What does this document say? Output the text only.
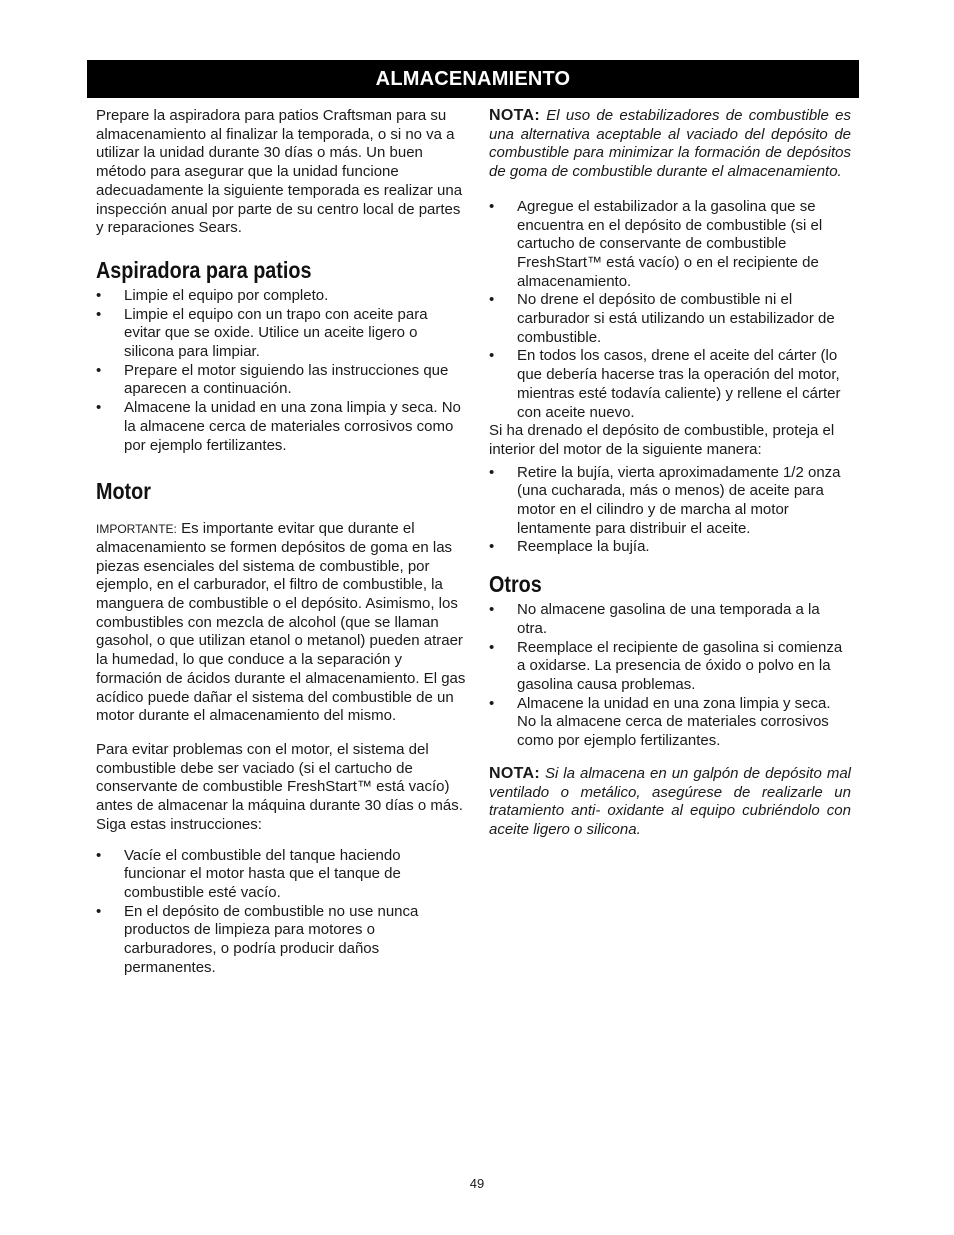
ALMACENAMIENTO

Prepare la aspiradora para patios Craftsman para su almacenamiento al finalizar la temporada, o si no va a utilizar la unidad durante 30 días o más. Un buen método para asegurar que la unidad funcione adecuadamente la siguiente temporada es realizar una inspección anual por parte de su centro local de partes y reparaciones Sears.

Aspiradora para patios
• Limpie el equipo por completo.
• Limpie el equipo con un trapo con aceite para evitar que se oxide. Utilice un aceite ligero o silicona para limpiar.
• Prepare el motor siguiendo las instrucciones que aparecen a continuación.
• Almacene la unidad en una zona limpia y seca. No la almacene cerca de materiales corrosivos como por ejemplo fertilizantes.
Motor

IMPORTANTE: Es importante evitar que durante el almacenamiento se formen depósitos de goma en las piezas esenciales del sistema de combustible, por ejemplo, en el carburador, el filtro de combustible, la manguera de combustible o el depósito. Asimismo, los combustibles con mezcla de alcohol (que se llaman gasohol, o que utilizan etanol o metanol) pueden atraer la humedad, lo que conduce a la separación y formación de ácidos durante el almacenamiento. El gas acídico puede dañar el sistema del combustible de un motor durante el almacenamiento del mismo.

Para evitar problemas con el motor, el sistema del combustible debe ser vaciado (si el cartucho de conservante de combustible FreshStart™ está vacío) antes de almacenar la máquina durante 30 días o más. Siga estas instrucciones:

• Vacíe el combustible del tanque haciendo funcionar el motor hasta que el tanque de combustible esté vacío.
• En el depósito de combustible no use nunca productos de limpieza para motores o carburadores, o podría producir daños permanentes.

NOTA: El uso de estabilizadores de combustible es una alternativa aceptable al vaciado del depósito de combustible para minimizar la formación de depósitos de goma de combustible durante el almacenamiento.

• Agregue el estabilizador a la gasolina que se encuentra en el depósito de combustible (si el cartucho de conservante de combustible FreshStart™ está vacío) o en el recipiente de almacenamiento.
• No drene el depósito de combustible ni el carburador si está utilizando un estabilizador de combustible.
• En todos los casos, drene el aceite del cárter (lo que debería hacerse tras la operación del motor, mientras esté todavía caliente) y rellene el cárter con aceite nuevo.

Si ha drenado el depósito de combustible, proteja el interior del motor de la siguiente manera:

• Retire la bujía, vierta aproximadamente 1/2 onza (una cucharada, más o menos) de aceite para motor en el cilindro y de marcha al motor lentamente para distribuir el aceite.
• Reemplace la bujía.
Otros
• No almacene gasolina de una temporada a la otra.
• Reemplace el recipiente de gasolina si comienza a oxidarse. La presencia de óxido o polvo en la gasolina causa problemas.
• Almacene la unidad en una zona limpia y seca. No la almacene cerca de materiales corrosivos como por ejemplo fertilizantes.

NOTA: Si la almacena en un galpón de depósito mal ventilado o metálico, asegúrese de realizarle un tratamiento anti- oxidante al equipo cubriéndolo con aceite ligero o silicona.

49
